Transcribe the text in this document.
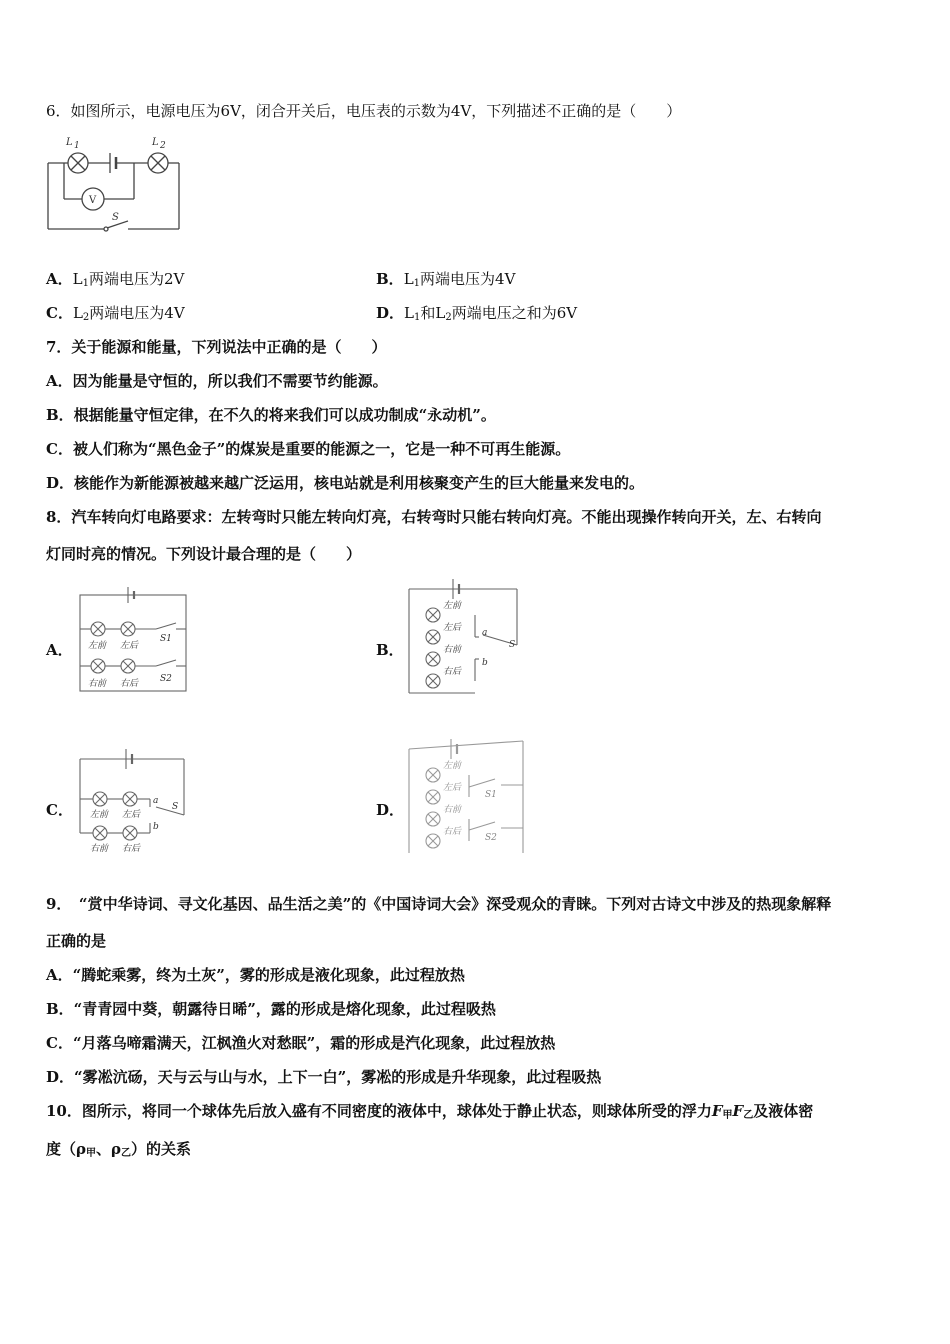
6．如图所示，电源电压为6V，闭合开关后，电压表的示数为4V，下列描述不正确的是（　　）
L 1	L 2
V
S
A．$L_1$两端电压为2V	B．$L_1$两端电压为4V
C．$L_2$两端电压为4V	D．$L_1$和$L_2$两端电压之和为6V
7．关于能源和能量，下列说法中正确的是（　　）
A．因为能量是守恒的，所以我们不需要节约能源。
B．根据能量守恒定律，在不久的将来我们可以成功制成“永动机”。
C．被人们称为“黑色金子”的煤炭是重要的能源之一，它是一种不可再生能源。
D．核能作为新能源被越来越广泛运用，核电站就是利用核聚变产生的巨大能量来发电的。
8．汽车转向灯电路要求：左转弯时只能左转向灯亮，右转弯时只能右转向灯亮。不能出现操作转向开关，左、右转向
灯同时亮的情况。下列设计最合理的是（　　）
A． 左前 左后
S1
右前 右后 S2
B．
左前
左后
右前
右后
a
b
S
C． 左前 左后
a
b
S
右前 右后
D．
左前
左后
右前
右后
S1
S2
9．　“赏中华诗词、寻文化基因、品生活之美”的《中国诗词大会》深受观众的青睐。下列对古诗文中涉及的热现象解释
正确的是
A．“腾蛇乘雾，终为土灰”，雾的形成是液化现象，此过程放热
B．“青青园中葵，朝露待日晞”，露的形成是熔化现象，此过程吸热
C．“月落乌啼霜满天，江枫渔火对愁眠”，霜的形成是汽化现象，此过程放热
D．“雾凇沆砀，天与云与山与水，上下一白”，雾凇的形成是升华现象，此过程吸热
10．图所示，将同一个球体先后放入盛有不同密度的液体中，球体处于静止状态，则球体所受的浮力$F_甲F_乙$及液体密
度（$\rho_甲$、$\rho_乙$）的关系
